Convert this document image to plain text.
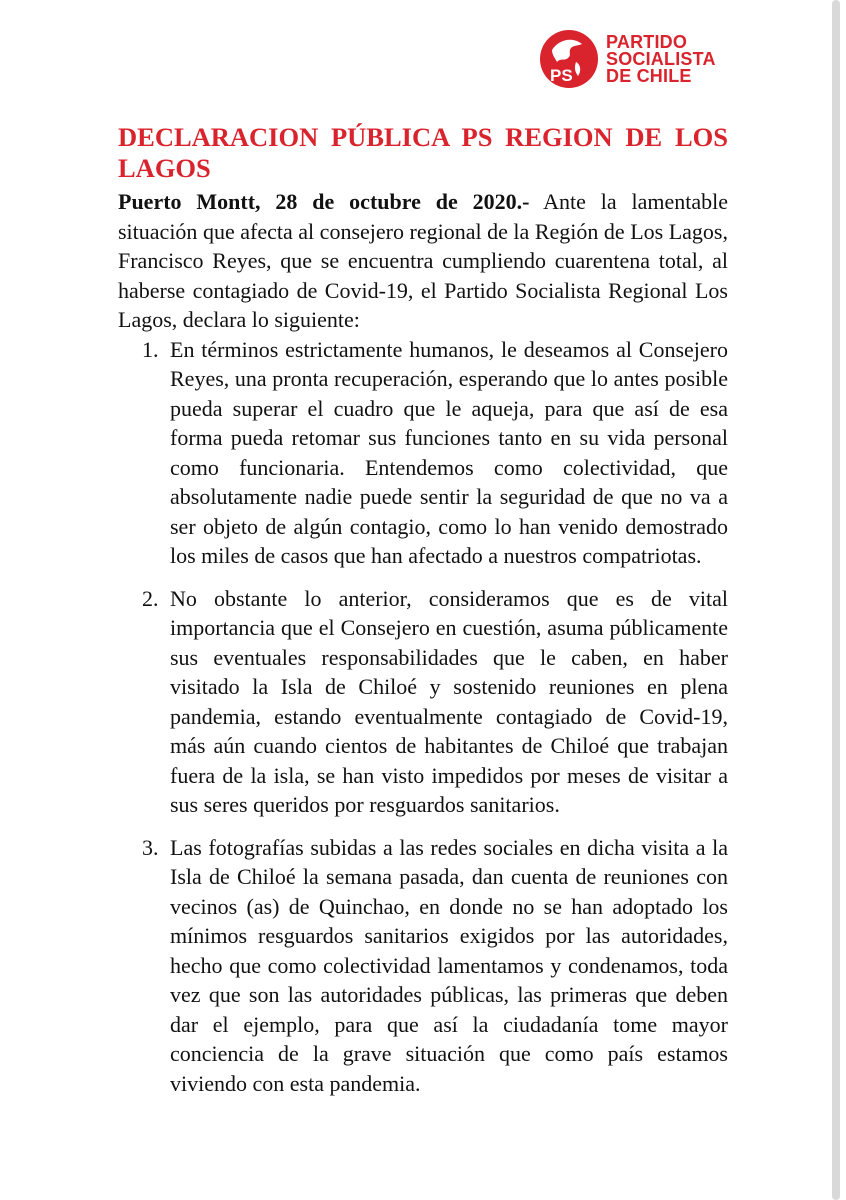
PS
PARTIDO
SOCIALISTA
DE CHILE
DECLARACION PÚBLICA PS REGION DE LOS LAGOS

Puerto Montt, 28 de octubre de 2020.- Ante la lamentable situación que afecta al consejero regional de la Región de Los Lagos, Francisco Reyes, que se encuentra cumpliendo cuarentena total, al haberse contagiado de Covid-19, el Partido Socialista Regional Los Lagos, declara lo siguiente:

1. En términos estrictamente humanos, le deseamos al Consejero Reyes, una pronta recuperación, esperando que lo antes posible pueda superar el cuadro que le aqueja, para que así de esa forma pueda retomar sus funciones tanto en su vida personal como funcionaria. Entendemos como colectividad, que absolutamente nadie puede sentir la seguridad de que no va a ser objeto de algún contagio, como lo han venido demostrado los miles de casos que han afectado a nuestros compatriotas.
2. No obstante lo anterior, consideramos que es de vital importancia que el Consejero en cuestión, asuma públicamente sus eventuales responsabilidades que le caben, en haber visitado la Isla de Chiloé y sostenido reuniones en plena pandemia, estando eventualmente contagiado de Covid-19, más aún cuando cientos de habitantes de Chiloé que trabajan fuera de la isla, se han visto impedidos por meses de visitar a sus seres queridos por resguardos sanitarios.
3. Las fotografías subidas a las redes sociales en dicha visita a la Isla de Chiloé la semana pasada, dan cuenta de reuniones con vecinos (as) de Quinchao, en donde no se han adoptado los mínimos resguardos sanitarios exigidos por las autoridades, hecho que como colectividad lamentamos y condenamos, toda vez que son las autoridades públicas, las primeras que deben dar el ejemplo, para que así la ciudadanía tome mayor conciencia de la grave situación que como país estamos viviendo con esta pandemia.
